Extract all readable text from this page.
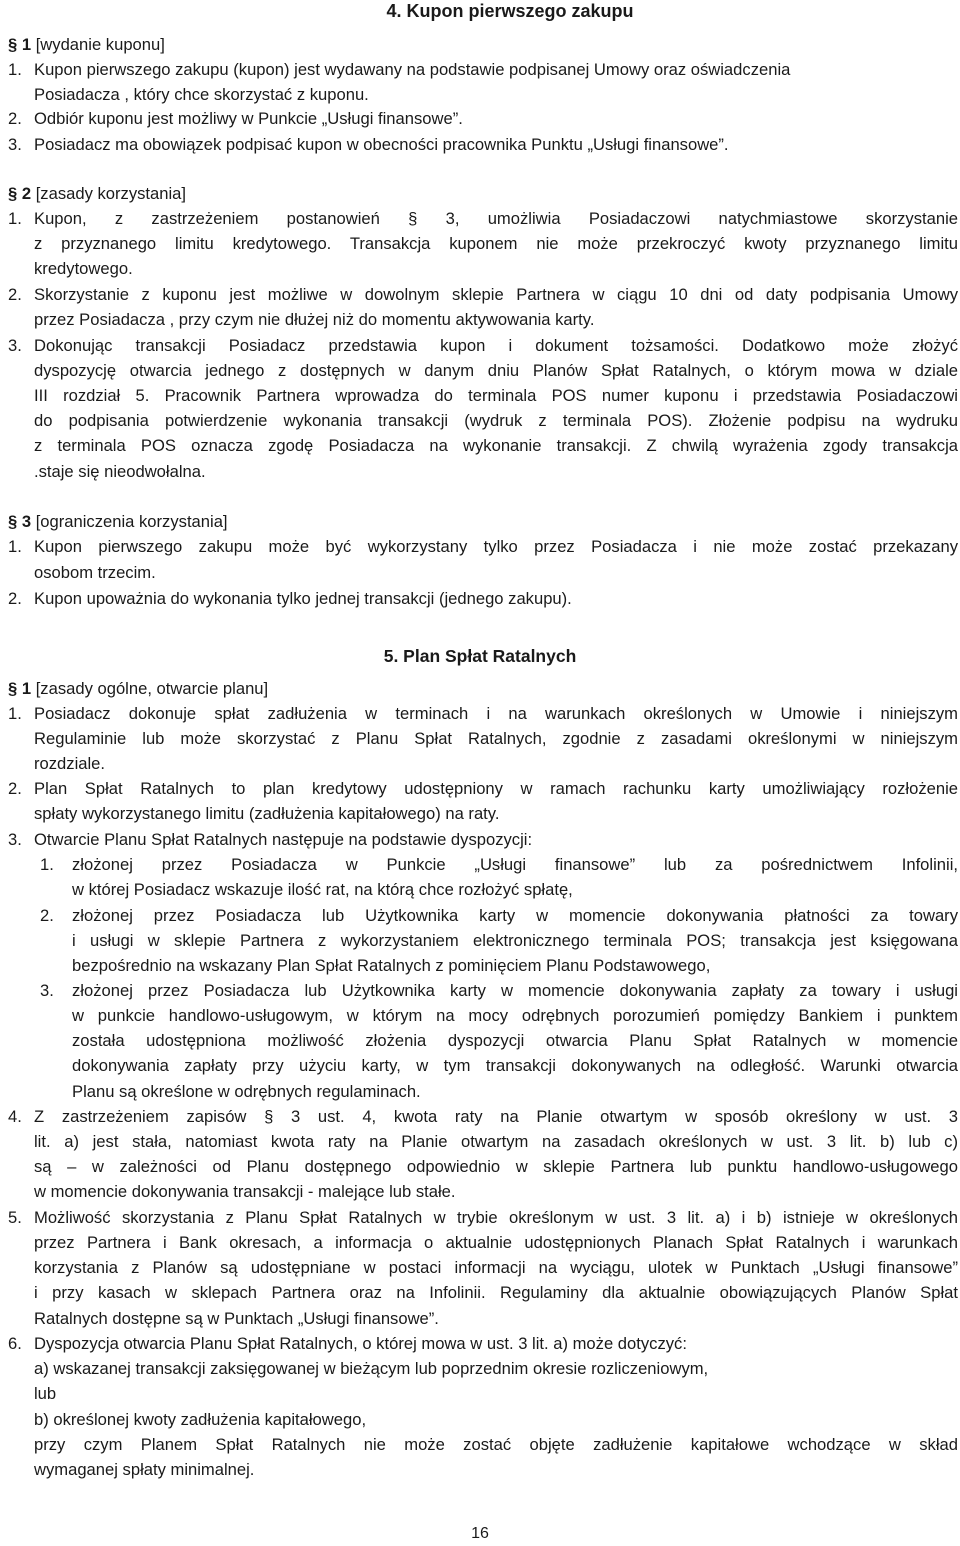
4. Kupon pierwszego zakupu
§ 1 [wydanie kuponu]
1. Kupon pierwszego zakupu (kupon) jest wydawany na podstawie podpisanej Umowy oraz oświadczenia
Posiadacza , który chce skorzystać z kuponu.
2. Odbiór kuponu jest możliwy w Punkcie „Usługi finansowe”.
3. Posiadacz ma obowiązek podpisać kupon w obecności pracownika Punktu „Usługi finansowe”.
§ 2 [zasady korzystania]
1. Kupon, z zastrzeżeniem postanowień § 3, umożliwia Posiadaczowi natychmiastowe skorzystanie
z przyznanego limitu kredytowego. Transakcja kuponem nie może przekroczyć kwoty przyznanego limitu
kredytowego.
2. Skorzystanie z kuponu jest możliwe w dowolnym sklepie Partnera w ciągu 10 dni od daty podpisania Umowy
przez Posiadacza , przy czym nie dłużej niż do momentu aktywowania karty.
3. Dokonując transakcji Posiadacz przedstawia kupon i dokument tożsamości. Dodatkowo może złożyć
dyspozycję otwarcia jednego z dostępnych w danym dniu Planów Spłat Ratalnych, o którym mowa w dziale
III rozdział 5. Pracownik Partnera wprowadza do terminala POS numer kuponu i przedstawia Posiadaczowi
do podpisania potwierdzenie wykonania transakcji (wydruk z terminala POS). Złożenie podpisu na wydruku
z terminala POS oznacza zgodę Posiadacza na wykonanie transakcji. Z chwilą wyrażenia zgody transakcja
.staje się nieodwołalna.
§ 3 [ograniczenia korzystania]
1. Kupon pierwszego zakupu może być wykorzystany tylko przez Posiadacza i nie może zostać przekazany
osobom trzecim.
2. Kupon upoważnia do wykonania tylko jednej transakcji (jednego zakupu).
5. Plan Spłat Ratalnych
§ 1 [zasady ogólne, otwarcie planu]
1. Posiadacz dokonuje spłat zadłużenia w terminach i na warunkach określonych w Umowie i niniejszym
Regulaminie lub może skorzystać z Planu Spłat Ratalnych, zgodnie z zasadami określonymi w niniejszym
rozdziale.
2. Plan Spłat Ratalnych to plan kredytowy udostępniony w ramach rachunku karty umożliwiający rozłożenie
spłaty wykorzystanego limitu (zadłużenia kapitałowego) na raty.
3. Otwarcie Planu Spłat Ratalnych następuje na podstawie dyspozycji:
1. złożonej przez Posiadacza w Punkcie „Usługi finansowe” lub za pośrednictwem Infolinii,
w której Posiadacz wskazuje ilość rat, na którą chce rozłożyć spłatę,
2. złożonej przez Posiadacza lub Użytkownika karty w momencie dokonywania płatności za towary
i usługi w sklepie Partnera z wykorzystaniem elektronicznego terminala POS; transakcja jest księgowana
bezpośrednio na wskazany Plan Spłat Ratalnych z pominięciem Planu Podstawowego,
3. złożonej przez Posiadacza lub Użytkownika karty w momencie dokonywania zapłaty za towary i usługi
w punkcie handlowo-usługowym, w którym na mocy odrębnych porozumień pomiędzy Bankiem i punktem
została udostępniona możliwość złożenia dyspozycji otwarcia Planu Spłat Ratalnych w momencie
dokonywania zapłaty przy użyciu karty, w tym transakcji dokonywanych na odległość. Warunki otwarcia
Planu są określone w odrębnych regulaminach.
4. Z zastrzeżeniem zapisów § 3 ust. 4, kwota raty na Planie otwartym w sposób określony w ust. 3
lit. a) jest stała, natomiast kwota raty na Planie otwartym na zasadach określonych w ust. 3 lit. b) lub c)
są – w zależności od Planu dostępnego odpowiednio w sklepie Partnera lub punktu handlowo-usługowego
w momencie dokonywania transakcji - malejące lub stałe.
5. Możliwość skorzystania z Planu Spłat Ratalnych w trybie określonym w ust. 3 lit. a) i b) istnieje w określonych
przez Partnera i Bank okresach, a informacja o aktualnie udostępnionych Planach Spłat Ratalnych i warunkach
korzystania z Planów są udostępniane w postaci informacji na wyciągu, ulotek w Punktach „Usługi finansowe”
i przy kasach w sklepach Partnera oraz na Infolinii. Regulaminy dla aktualnie obowiązujących Planów Spłat
Ratalnych dostępne są w Punktach „Usługi finansowe”.
6. Dyspozycja otwarcia Planu Spłat Ratalnych, o której mowa w ust. 3 lit. a) może dotyczyć:
a) wskazanej transakcji zaksięgowanej w bieżącym lub poprzednim okresie rozliczeniowym,
lub
b) określonej kwoty zadłużenia kapitałowego,
przy czym Planem Spłat Ratalnych nie może zostać objęte zadłużenie kapitałowe wchodzące w skład
wymaganej spłaty minimalnej.
16
